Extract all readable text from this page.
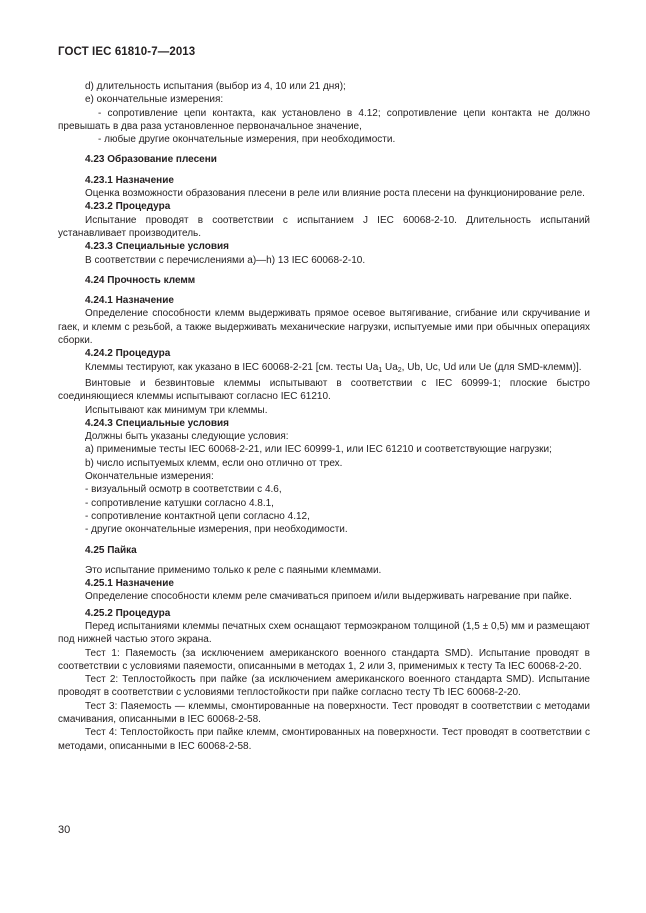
ГОСТ IEC 61810-7—2013

d) длительность испытания (выбор из 4, 10 или 21 дня);

e) окончательные измерения:

- сопротивление цепи контакта, как установлено в 4.12; сопротивление цепи контакта не должно превышать в два раза установленное первоначальное значение,

- любые другие окончательные измерения, при необходимости.

4.23 Образование плесени

4.23.1 Назначение

Оценка возможности образования плесени в реле или влияние роста плесени на функционирование реле.

4.23.2 Процедура

Испытание проводят в соответствии с испытанием J IEC 60068-2-10. Длительность испытаний устанавливает производитель.

4.23.3 Специальные условия

В соответствии с перечислениями a)—h) 13 IEC 60068-2-10.

4.24 Прочность клемм

4.24.1 Назначение

Определение способности клемм выдерживать прямое осевое вытягивание, сгибание или скручивание и гаек, и клемм с резьбой, а также выдерживать механические нагрузки, испытуемые ими при обычных операциях сборки.

4.24.2 Процедура

Клеммы тестируют, как указано в IEC 60068-2-21 [см. тесты $Ua_1$ $Ua_2$, Ub, Uc, Ud или Ue (для SMD-клемм)].

Винтовые и безвинтовые клеммы испытывают в соответствии с IEC 60999-1; плоские быстро соединяющиеся клеммы испытывают согласно IEC 61210.

Испытывают как минимум три клеммы.

4.24.3 Специальные условия

Должны быть указаны следующие условия:

a) применимые тесты IEC 60068-2-21, или IEC 60999-1, или IEC 61210 и соответствующие нагрузки;

b) число испытуемых клемм, если оно отлично от трех.

Окончательные измерения:

- визуальный осмотр в соответствии с 4.6,

- сопротивление катушки согласно 4.8.1,

- сопротивление контактной цепи согласно 4.12,

- другие окончательные измерения, при необходимости.

4.25 Пайка

Это испытание применимо только к реле с паяными клеммами.

4.25.1 Назначение

Определение способности клемм реле смачиваться припоем и/или выдерживать нагревание при пайке.

4.25.2 Процедура

Перед испытаниями клеммы печатных схем оснащают термоэкраном толщиной (1,5 ± 0,5) мм и размещают под нижней частью этого экрана.

Тест 1: Паяемость (за исключением американского военного стандарта SMD). Испытание проводят в соответствии с условиями паяемости, описанными в методах 1, 2 или 3, применимых к тесту Ta IEC 60068-2-20.

Тест 2: Теплостойкость при пайке (за исключением американского военного стандарта SMD). Испытание проводят в соответствии с условиями теплостойкости при пайке согласно тесту Tb IEC 60068-2-20.

Тест 3: Паяемость — клеммы, смонтированные на поверхности. Тест проводят в соответствии с методами смачивания, описанными в IEC 60068-2-58.

Тест 4: Теплостойкость при пайке клемм, смонтированных на поверхности. Тест проводят в соответствии с методами, описанными в IEC 60068-2-58.

30
